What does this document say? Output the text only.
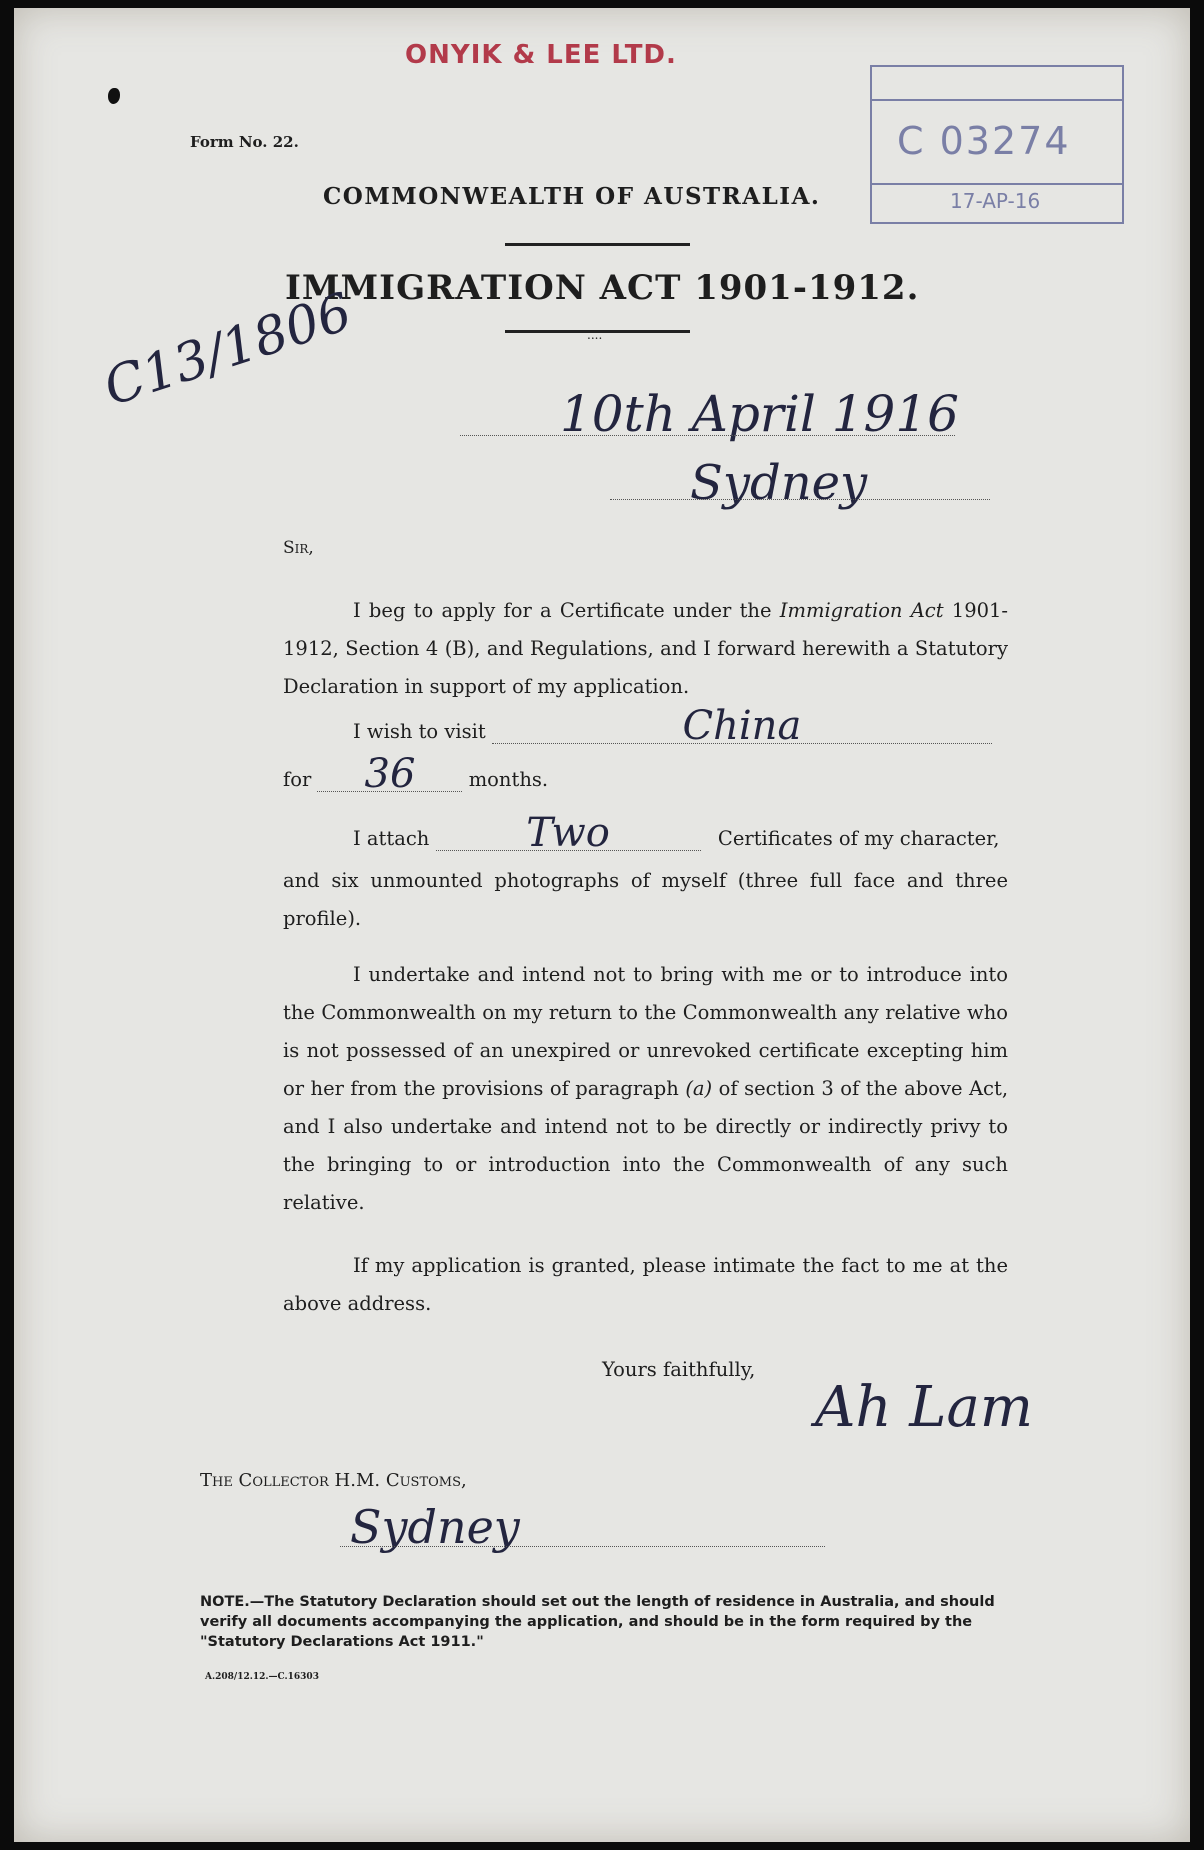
ONYIK & LEE LTD.
C 03274
17-AP-16
Form No. 22.
COMMONWEALTH OF AUSTRALIA.
IMMIGRATION ACT 1901-1912.
....
C13/1806	10th April 1916
Sydney
Sir,
I beg to apply for a Certificate under the Immigration Act 1901-1912, Section 4 (B), and Regulations, and I forward herewith a Statutory Declaration in support of my application.
I wish to visit	China

for	36	months.
I attach	Two	Certificates of my character,
and six unmounted photographs of myself (three full face and three profile).
I undertake and intend not to bring with me or to introduce into the Commonwealth on my return to the Commonwealth any relative who is not possessed of an unexpired or unrevoked certificate excepting him or her from the provisions of paragraph (a) of section 3 of the above Act, and I also undertake and intend not to be directly or indirectly privy to the bringing to or introduction into the Commonwealth of any such relative.
If my application is granted, please intimate the fact to me at the above address.
Yours faithfully,
Ah Lam
The Collector H.M. Customs,
Sydney
NOTE.—The Statutory Declaration should set out the length of residence in Australia, and should verify all documents accompanying the application, and should be in the form required by the "Statutory Declarations Act 1911."
A.208/12.12.—C.16303
